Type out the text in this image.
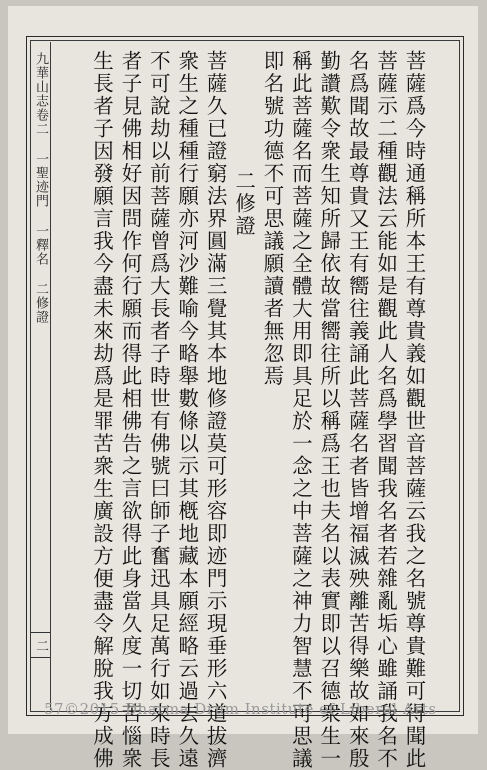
九華山志卷二 一聖迹門 一釋名 二修證
二	菩薩爲今時通稱所本王有尊貴義如觀世音菩薩云我之名號尊貴難可得聞此
菩薩示二種觀法云能如是觀此人名爲學習聞我名者若雜亂垢心雖誦我名不
名爲聞故最尊貴又王有嚮往義誦此菩薩名者皆增福滅殃離苦得樂故如來殷
勤讚歎令衆生知所歸依故當嚮往所以稱爲王也夫名以表實即以召德衆生一
稱此菩薩名而菩薩之全體大用即具足於一念之中菩薩之神力智慧不可思議
即名號功德不可思議願讀者無忽焉
二修證
菩薩久已證窮法界圓滿三覺其本地修證莫可形容即迹門示現垂形六道拔濟
衆生之種種行願亦河沙難喻今略舉數條以示其槪地藏本願經略云過去久遠
不可說劫以前菩薩曾爲大長者子時世有佛號曰師子奮迅具足萬行如來時長
者子見佛相好因問作何行願而得此相佛告之言欲得此身當久度一切苦惱衆
生長者子因發願言我今盡未來劫爲是罪苦衆生廣設方便盡令解脫我方成佛
57©2015 Dharma Drum Institute of Liberal Arts
